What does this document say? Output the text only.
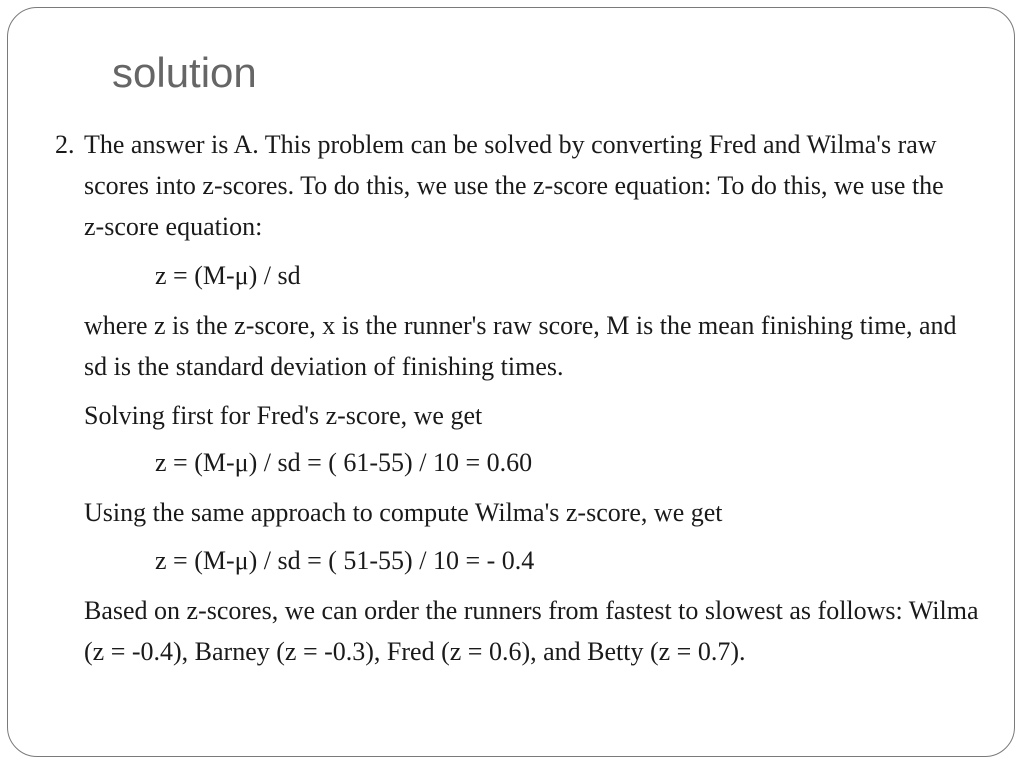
solution
2. The answer is A. This problem can be solved by converting Fred and Wilma's raw scores into z-scores. To do this, we use the z-score equation: To do this, we use the z-score equation:

z = (M-μ) / sd

where z is the z-score, x is the runner's raw score, M is the mean finishing time, and sd is the standard deviation of finishing times.

Solving first for Fred's z-score, we get

z = (M-μ) / sd = ( 61-55) / 10 = 0.60

Using the same approach to compute Wilma's z-score, we get

z = (M-μ) / sd = ( 51-55) / 10 = - 0.4

Based on z-scores, we can order the runners from fastest to slowest as follows: Wilma (z = -0.4), Barney (z = -0.3), Fred (z = 0.6), and Betty (z = 0.7).
